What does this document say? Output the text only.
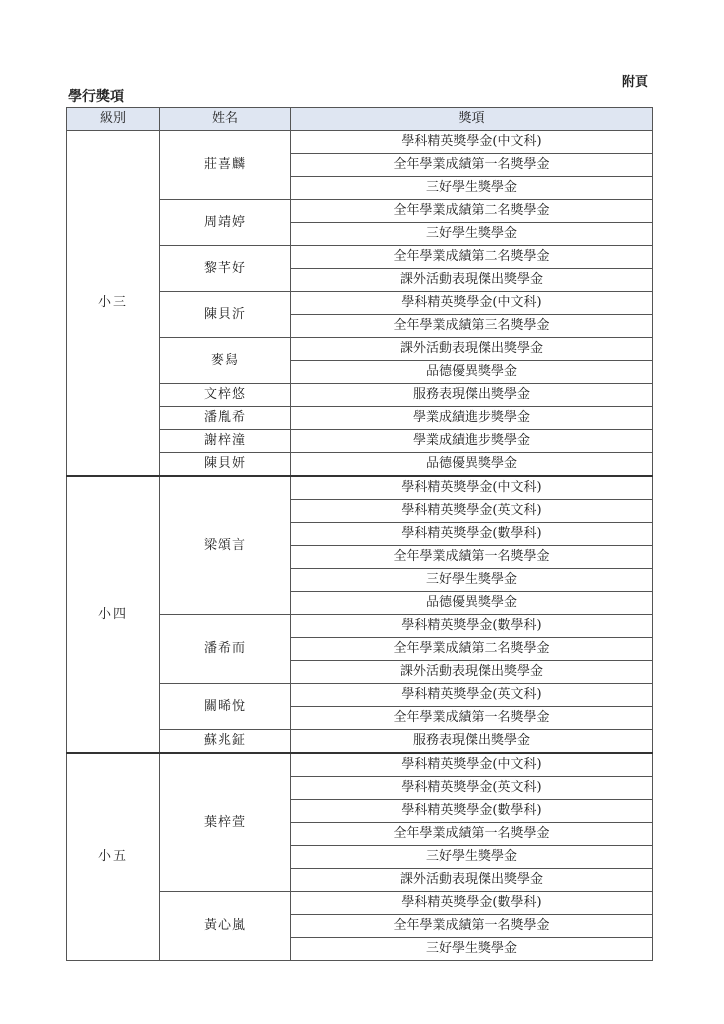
附頁
學行獎項
級別	姓名	獎項
小三	莊喜麟	學科精英獎學金(中文科)
		全年學業成績第一名獎學金
		三好學生獎學金
	周靖婷	全年學業成績第二名獎學金
		三好學生獎學金
	黎芊好	全年學業成績第二名獎學金
		課外活動表現傑出獎學金
	陳貝沂	學科精英獎學金(中文科)
		全年學業成績第三名獎學金
	麥舄	課外活動表現傑出獎學金
		品德優異獎學金
	文梓悠	服務表現傑出獎學金
	潘胤希	學業成績進步獎學金
	謝梓潼	學業成績進步獎學金
	陳貝妍	品德優異獎學金
小四	梁頌言	學科精英獎學金(中文科)
		學科精英獎學金(英文科)
		學科精英獎學金(數學科)
		全年學業成績第一名獎學金
		三好學生獎學金
		品德優異獎學金
	潘希而	學科精英獎學金(數學科)
		全年學業成績第二名獎學金
		課外活動表現傑出獎學金
	關晞悅	學科精英獎學金(英文科)
		全年學業成績第一名獎學金
	蘇兆鉦	服務表現傑出獎學金
小五	葉梓萱	學科精英獎學金(中文科)
		學科精英獎學金(英文科)
		學科精英獎學金(數學科)
		全年學業成績第一名獎學金
		三好學生獎學金
		課外活動表現傑出獎學金
	黃心嵐	學科精英獎學金(數學科)
		全年學業成績第一名獎學金
		三好學生獎學金
